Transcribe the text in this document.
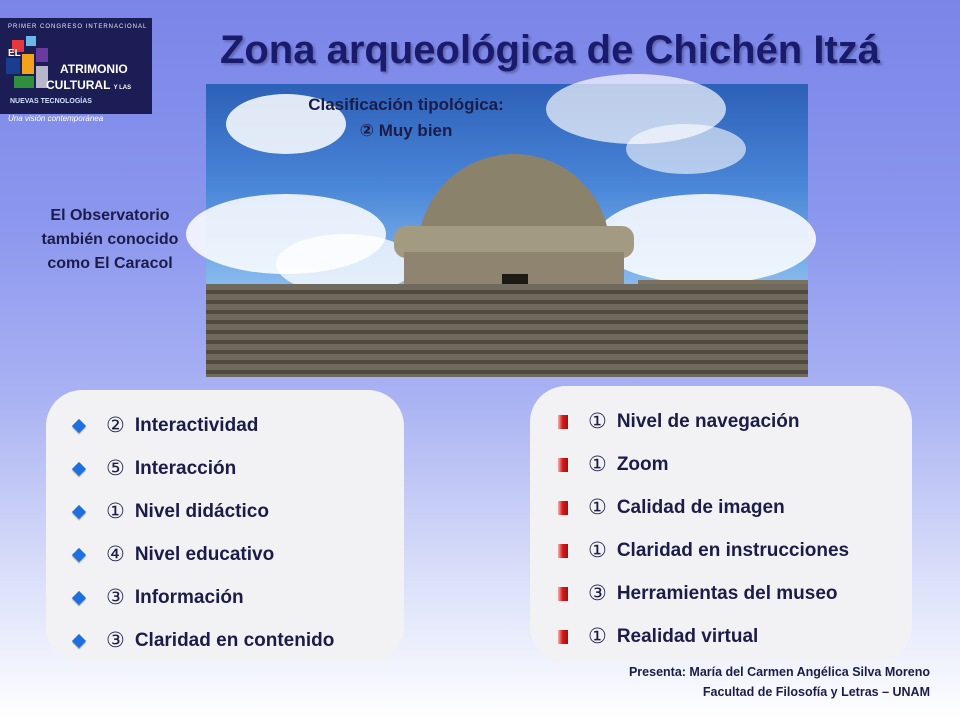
PRIMER CONGRESO INTERNACIONAL
EL
ATRIMONIO
CULTURAL Y LAS
NUEVAS TECNOLOGÍAS
Una visión contemporánea
Zona arqueológica de Chichén Itzá
Clasificación tipológica:
② Muy bien
El Observatorio también conocido como El Caracol
② Interactividad
⑤ Interacción
① Nivel didáctico
④ Nivel educativo
③ Información
③ Claridad en contenido
① Nivel de navegación
① Zoom
① Calidad de imagen
① Claridad en instrucciones
③ Herramientas del museo
① Realidad virtual
Presenta: María del Carmen Angélica Silva Moreno
Facultad de Filosofía y Letras – UNAM
